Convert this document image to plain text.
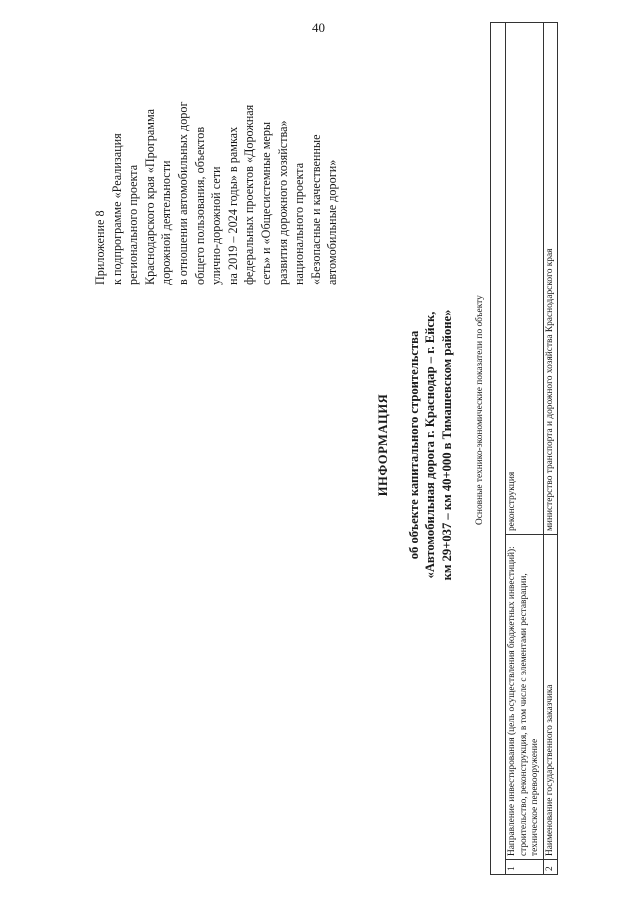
40
Приложение 8 к подпрограмме «Реализация регионального проекта Краснодарского края «Программа дорожной деятельности в отношении автомобильных дорог общего пользования, объектов улично-дорожной сети на 2019 – 2024 годы» в рамках федеральных проектов «Дорожная сеть» и «Общесистемные меры развития дорожного хозяйства» национального проекта «Безопасные и качественные автомобильные дороги»
ИНФОРМАЦИЯ об объекте капитального строительства «Автомобильная дорога г. Краснодар – г. Ейск, км 29+037 – км 40+000 в Тимашевском районе» Основные технико-экономические показатели по объекту

1	Направление инвестирования (цель осуществления бюджетных инвестиций): строительство, реконструкция, в том числе с элементами реставрации, техническое перевооружение	реконструкция
2	Наименование государственного заказчика	министерство транспорта и дорожного хозяйства Краснодарского края
